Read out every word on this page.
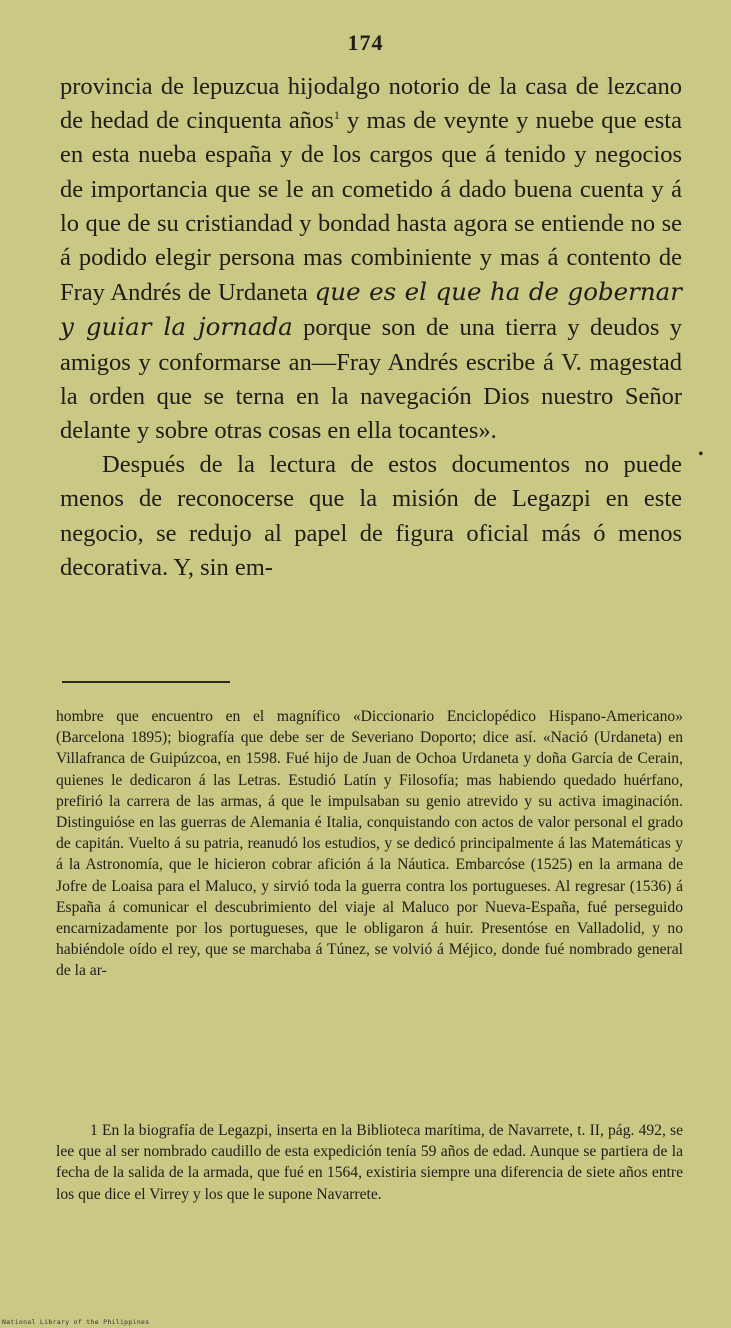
174

provincia de lepuzcua hijodalgo notorio de la casa de lezcano de hedad de cinquenta años$^1$ y mas de veynte y nuebe que esta en esta nueba españa y de los cargos que á tenido y negocios de importancia que se le an cometido á dado buena cuenta y á lo que de su cristiandad y bondad hasta agora se entiende no se á podido elegir persona mas combiniente y mas á contento de Fray Andrés de Urdaneta que es el que ha de gobernar y guiar la jornada porque son de una tierra y deudos y amigos y conformarse an—Fray Andrés escribe á V. magestad la orden que se terna en la navegación Dios nuestro Señor delante y sobre otras cosas en ella tocantes».

Después de la lectura de estos documentos no puede menos de reconocerse que la misión de Legazpi en este negocio, se redujo al papel de figura oficial más ó menos decorativa. Y, sin em-

•

hombre que encuentro en el magnífico «Diccionario Enciclopédico Hispano-Americano» (Barcelona 1895); biografía que debe ser de Severiano Doporto; dice así. «Nació (Urdaneta) en Villafranca de Guipúzcoa, en 1598. Fué hijo de Juan de Ochoa Urdaneta y doña García de Cerain, quienes le dedicaron á las Letras. Estudió Latín y Filosofía; mas habiendo quedado huérfano, prefirió la carrera de las armas, á que le impulsaban su genio atrevido y su activa imaginación. Distinguióse en las guerras de Alemania é Italia, conquistando con actos de valor personal el grado de capitán. Vuelto á su patria, reanudó los estudios, y se dedicó principalmente á las Matemáticas y á la Astronomía, que le hicieron cobrar afición á la Náutica. Embarcóse (1525) en la armana de Jofre de Loaisa para el Maluco, y sirvió toda la guerra contra los portugueses. Al regresar (1536) á España á comunicar el descubrimiento del viaje al Maluco por Nueva-España, fué perseguido encarnizadamente por los portugueses, que le obligaron á huir. Presentóse en Valladolid, y no habiéndole oído el rey, que se marchaba á Túnez, se volvió á Méjico, donde fué nombrado general de la ar-

1 En la biografía de Legazpi, inserta en la Biblioteca marítima, de Navarrete, t. II, pág. 492, se lee que al ser nombrado caudillo de esta expedición tenía 59 años de edad. Aunque se partiera de la fecha de la salida de la armada, que fué en 1564, existiria siempre una diferencia de siete años entre los que dice el Virrey y los que le supone Navarrete.

National Library of the Philippines
